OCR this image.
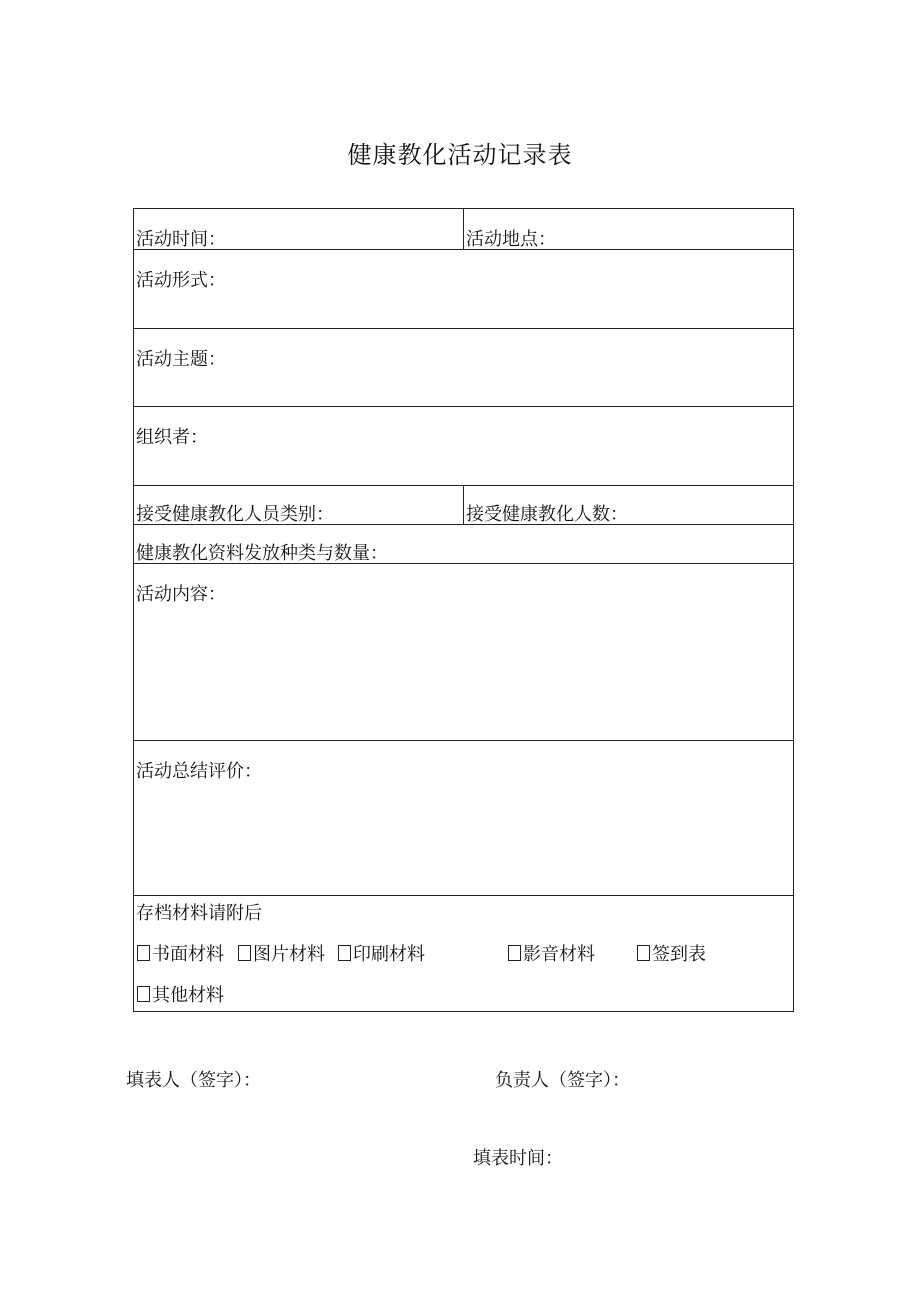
健康教化活动记录表
活动时间：	活动地点：
活动形式：
活动主题：
组织者：
接受健康教化人员类别：	接受健康教化人数：
健康教化资料发放种类与数量：
活动内容：
活动总结评价：
存档材料请附后
书面材料	图片材料	印刷材料	影音材料	签到表
其他材料
填表人（签字）：	负责人（签字）：
填表时间：
